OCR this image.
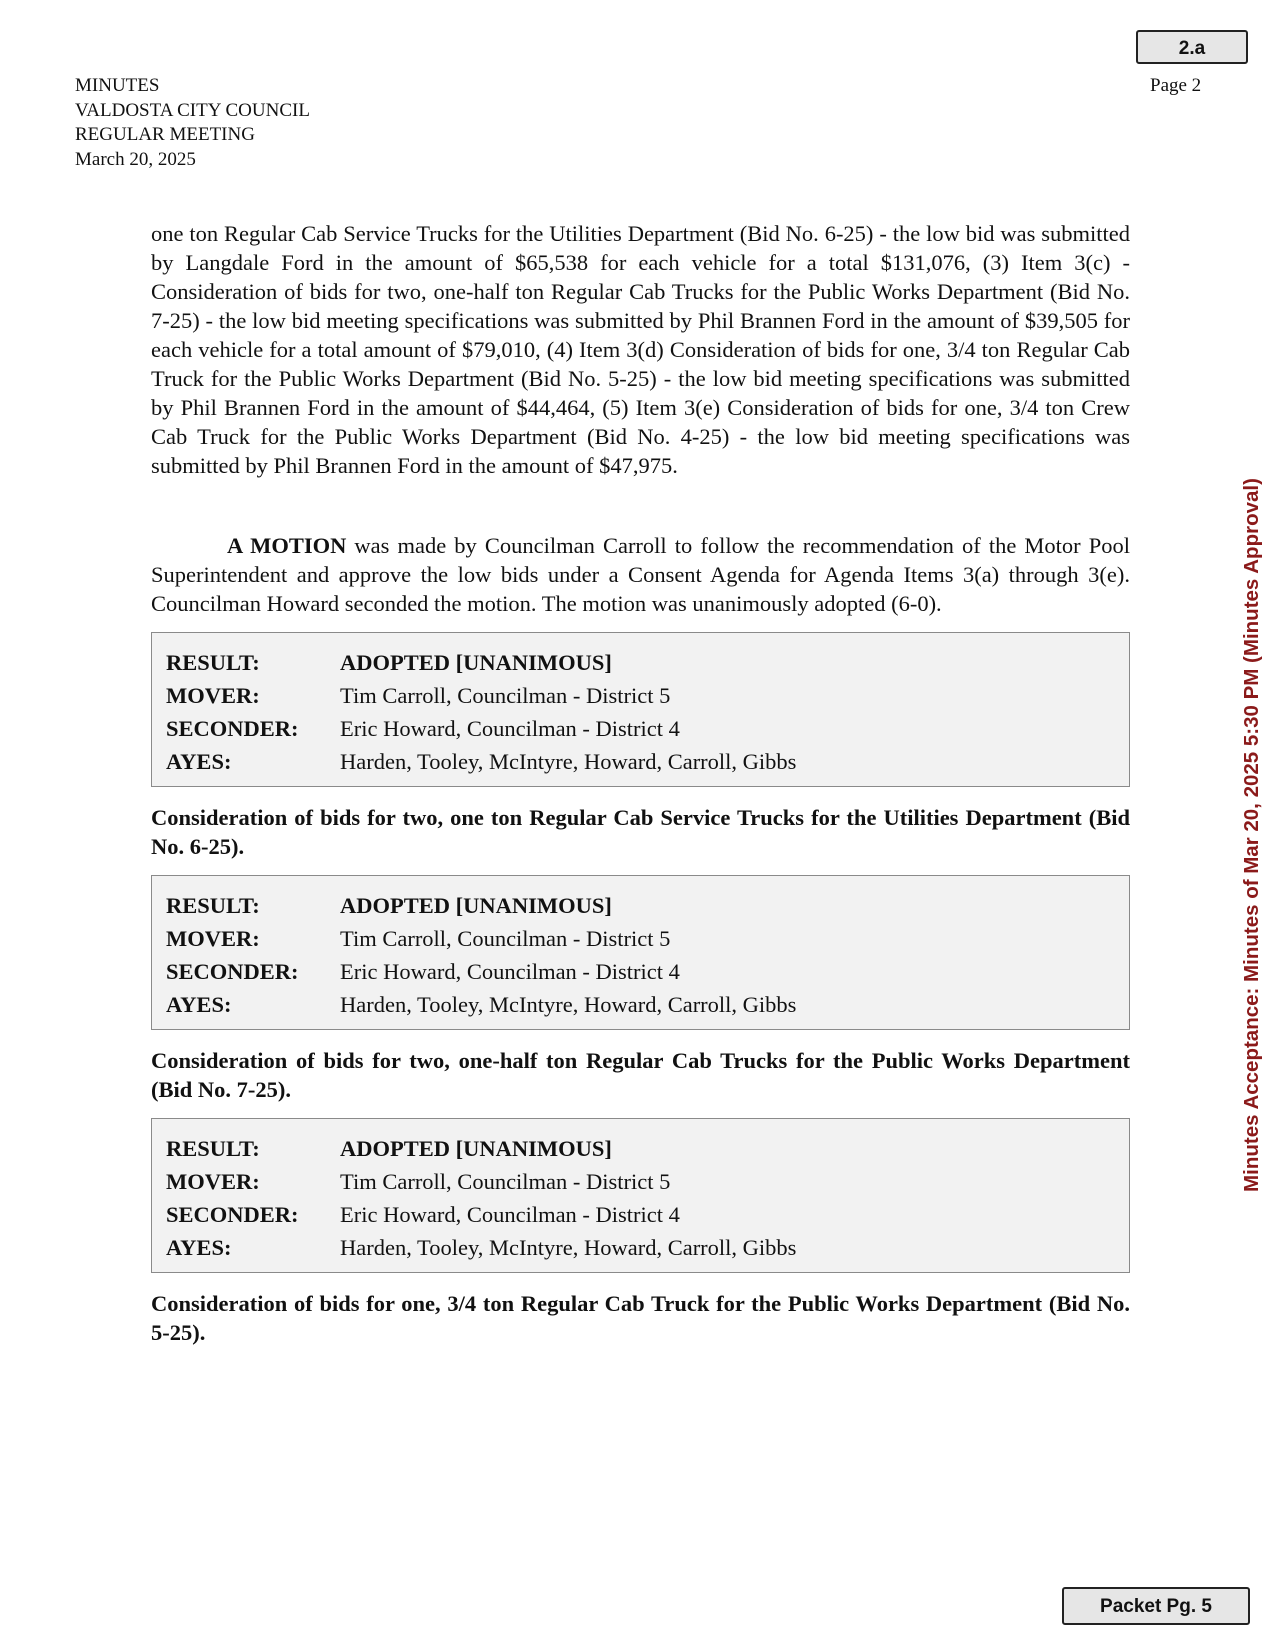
MINUTES
VALDOSTA CITY COUNCIL
REGULAR MEETING
March 20, 2025
2.a
Page 2

one ton Regular Cab Service Trucks for the Utilities Department (Bid No. 6-25) - the low bid was submitted by Langdale Ford in the amount of $65,538 for each vehicle for a total $131,076, (3) Item 3(c) - Consideration of bids for two, one-half ton Regular Cab Trucks for the Public Works Department (Bid No. 7-25) - the low bid meeting specifications was submitted by Phil Brannen Ford in the amount of $39,505 for each vehicle for a total amount of $79,010, (4) Item 3(d) Consideration of bids for one, 3/4 ton Regular Cab Truck for the Public Works Department (Bid No. 5-25) - the low bid meeting specifications was submitted by Phil Brannen Ford in the amount of $44,464, (5) Item 3(e) Consideration of bids for one, 3/4 ton Crew Cab Truck for the Public Works Department (Bid No. 4-25) - the low bid meeting specifications was submitted by Phil Brannen Ford in the amount of $47,975.

A MOTION was made by Councilman Carroll to follow the recommendation of the Motor Pool Superintendent and approve the low bids under a Consent Agenda for Agenda Items 3(a) through 3(e). Councilman Howard seconded the motion. The motion was unanimously adopted (6-0).

RESULT:	ADOPTED [UNANIMOUS]
MOVER:	Tim Carroll, Councilman - District 5
SECONDER:	Eric Howard, Councilman - District 4
AYES:	Harden, Tooley, McIntyre, Howard, Carroll, Gibbs

Consideration of bids for two, one ton Regular Cab Service Trucks for the Utilities Department (Bid No. 6-25).

RESULT:	ADOPTED [UNANIMOUS]
MOVER:	Tim Carroll, Councilman - District 5
SECONDER:	Eric Howard, Councilman - District 4
AYES:	Harden, Tooley, McIntyre, Howard, Carroll, Gibbs

Consideration of bids for two, one-half ton Regular Cab Trucks for the Public Works Department (Bid No. 7-25).

RESULT:	ADOPTED [UNANIMOUS]
MOVER:	Tim Carroll, Councilman - District 5
SECONDER:	Eric Howard, Councilman - District 4
AYES:	Harden, Tooley, McIntyre, Howard, Carroll, Gibbs

Consideration of bids for one, 3/4 ton Regular Cab Truck for the Public Works Department (Bid No. 5-25).

Minutes Acceptance: Minutes of Mar 20, 2025 5:30 PM (Minutes Approval)
Packet Pg. 5
